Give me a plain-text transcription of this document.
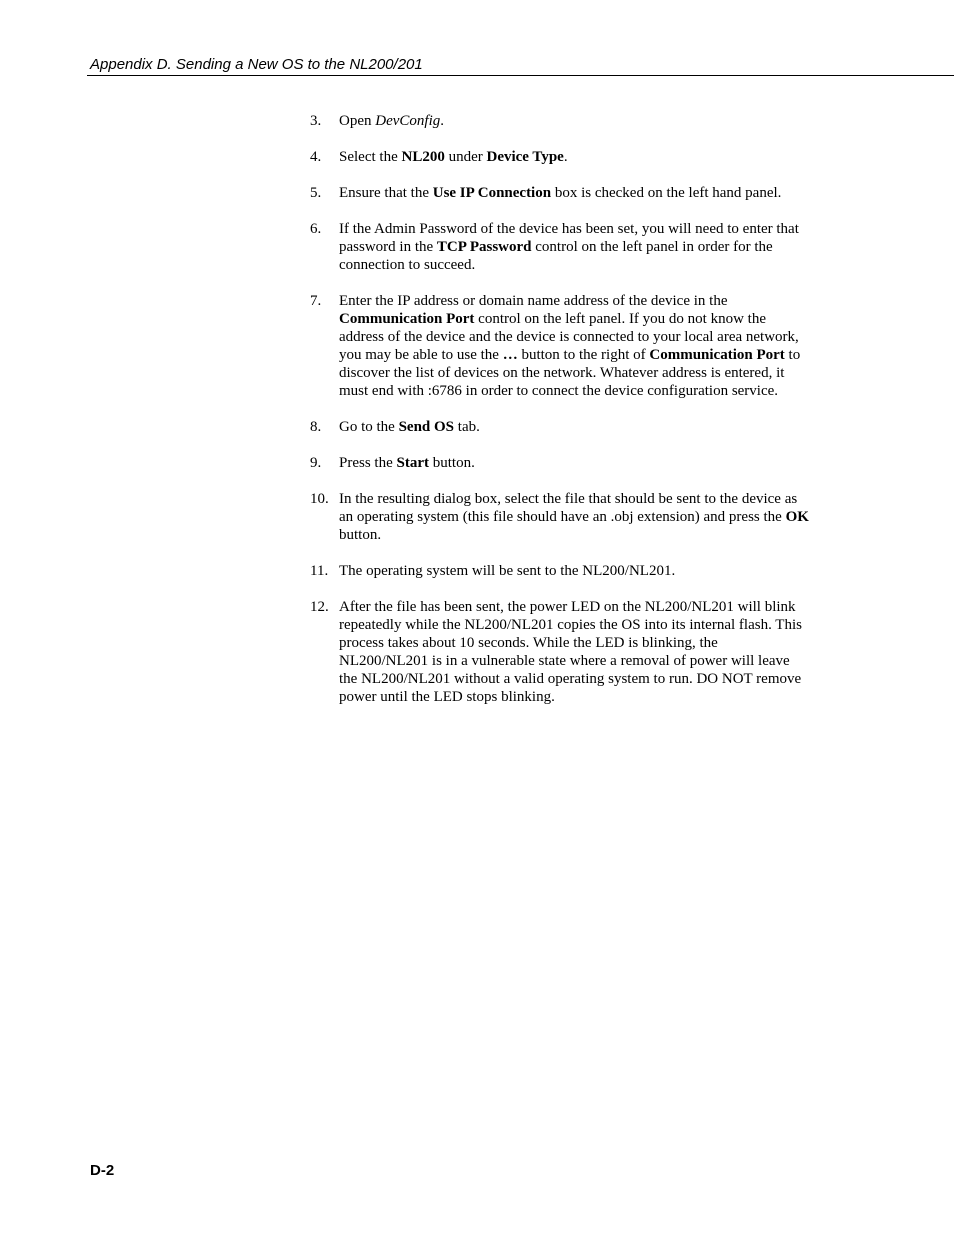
Appendix D. Sending a New OS to the NL200/201
3. Open DevConfig.
4. Select the NL200 under Device Type.
5. Ensure that the Use IP Connection box is checked on the left hand panel.
6. If the Admin Password of the device has been set, you will need to enter that password in the TCP Password control on the left panel in order for the connection to succeed.
7. Enter the IP address or domain name address of the device in the Communication Port control on the left panel. If you do not know the address of the device and the device is connected to your local area network, you may be able to use the … button to the right of Communication Port to discover the list of devices on the network. Whatever address is entered, it must end with :6786 in order to connect the device configuration service.
8. Go to the Send OS tab.
9. Press the Start button.
10. In the resulting dialog box, select the file that should be sent to the device as an operating system (this file should have an .obj extension) and press the OK button.
11. The operating system will be sent to the NL200/NL201.
12. After the file has been sent, the power LED on the NL200/NL201 will blink repeatedly while the NL200/NL201 copies the OS into its internal flash. This process takes about 10 seconds. While the LED is blinking, the NL200/NL201 is in a vulnerable state where a removal of power will leave the NL200/NL201 without a valid operating system to run. DO NOT remove power until the LED stops blinking.
D-2
